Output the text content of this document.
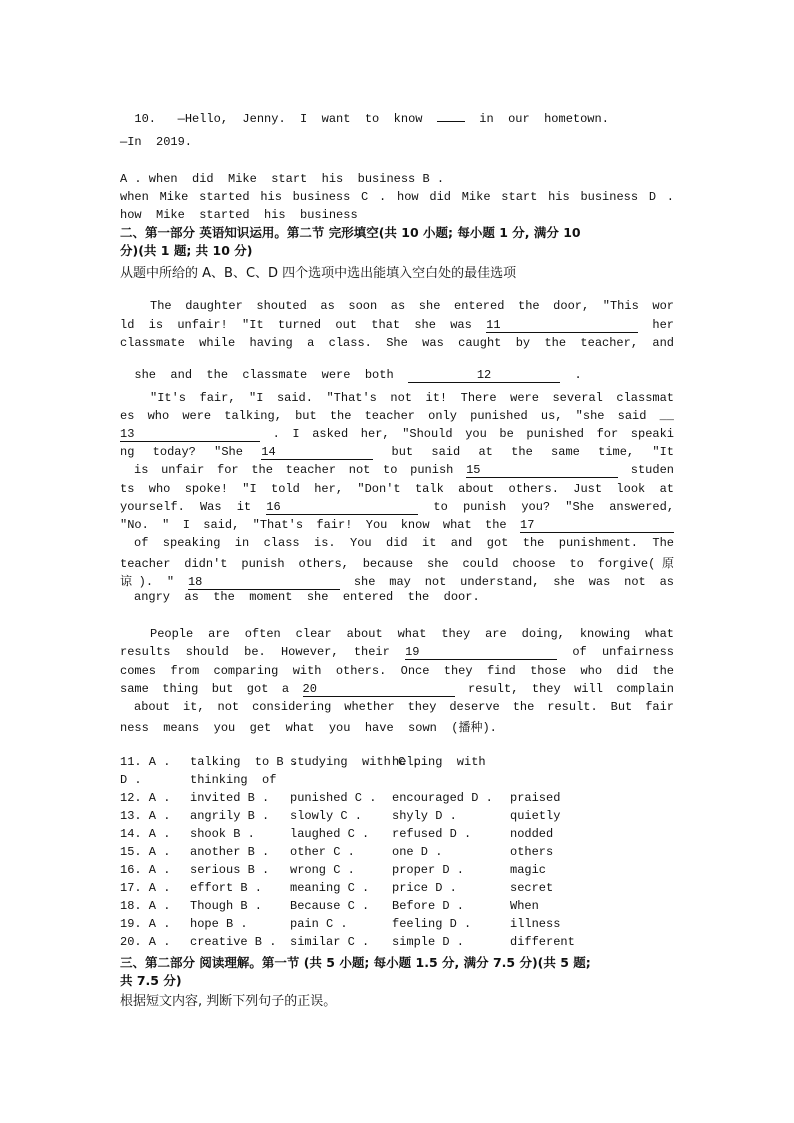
10. —Hello,  Jenny.  I  want  to  know	in  our  hometown.

—In  2019.
A . when  did  Mike  start  his  business B .
when Mike started his business C . how did Mike start his business D .
how  Mike  started  his  business
二、第一部分 英语知识运用。第二节 完形填空(共 10 小题; 每小题 1 分, 满分 10
分)(共 1 题; 共 10 分)
从题中所给的 A、B、C、D 四个选项中选出能填入空白处的最佳选项
The daughter shouted as soon as she entered the door, "This wor
ld is unfair! "It turned out that she was 11	her
classmate while having a class. She was caught by the teacher, and

she  and  the  classmate  were  both	12	.

"It's fair, "I said. "That's not it! There were several classmat
es who were talking, but the teacher only punished us, "she said __
13	. I asked her, "Should you be punished for speaki
ng today? "She 14	but said at the same time, "It
is unfair for the teacher not to punish 15	studen
ts who spoke! "I told her, "Don't talk about others. Just look at
yourself. Was it 16	to punish you? "She answered,
"No. " I said, "That's fair! You know what the 17
of speaking in class is. You did it and got the punishment. The
teacher didn't punish others, because she could choose to forgive(原
谅). " 18	she may not understand, she was not as
angry  as  the  moment  she  entered  the  door.
People are often clear about what they are doing, knowing what
results should be. However, their 19	of unfairness
comes from comparing with others. Once they find those who did the
same thing but got a 20	result, they will complain
about it, not considering whether they deserve the result. But fair
ness  means  you  get  what  you  have  sown  (播种).
11. A . talking  to B .
studying  with C .
helping  with
D .	thinking  of
12. A . invited B . punished C . encouraged D . praised
13. A . angrily B . slowly C . shyly D .	quietly
14. A . shook B .	laughed C . refused D .	nodded
15. A . another B . other C .	one D .	others
16. A . serious B . wrong C .	proper D .	magic
17. A . effort B . meaning C . price D .	secret
18. A . Though B . Because C . Before D .	When
19. A . hope B .	pain C .	feeling D .	illness
20. A . creative B . similar C . simple D .	different
三、第二部分 阅读理解。第一节 (共 5 小题; 每小题 1.5 分, 满分 7.5 分)(共 5 题;
共 7.5 分)
根据短文内容, 判断下列句子的正误。
